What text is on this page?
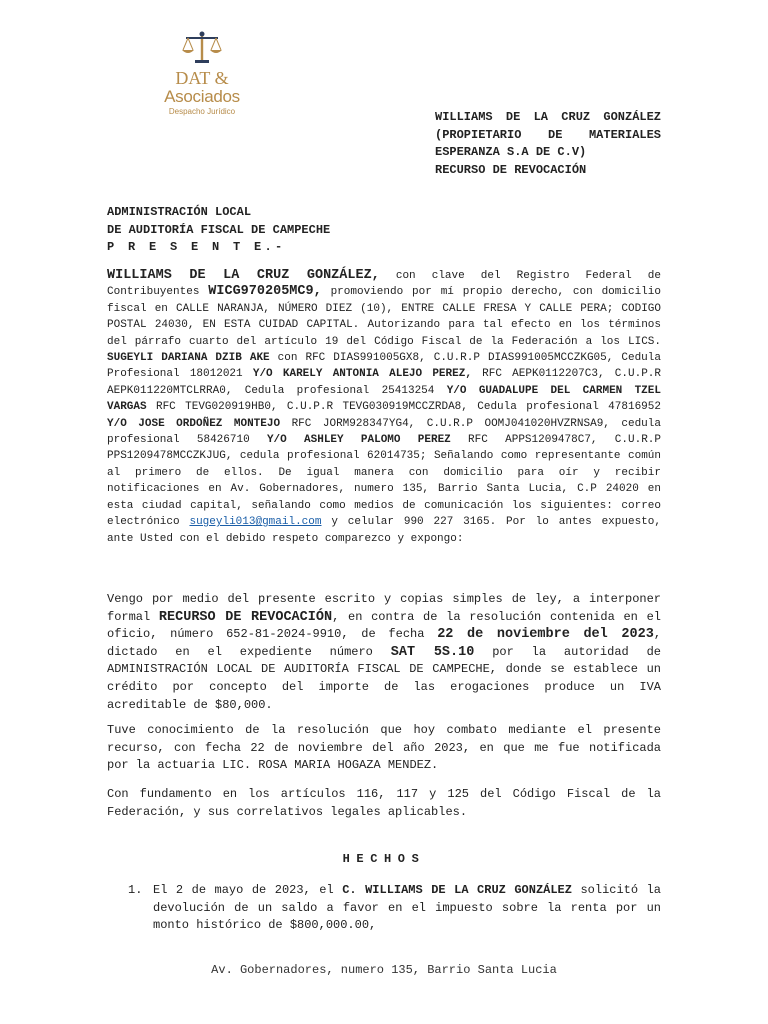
DAT &
Asociados
Despacho Jurídico	WILLIAMS DE LA CRUZ GONZÁLEZ (PROPIETARIO DE MATERIALES ESPERANZA S.A DE C.V)
RECURSO DE REVOCACIÓN
ADMINISTRACIÓN LOCAL
DE AUDITORÍA FISCAL DE CAMPECHE
P R E S E N T E.-
WILLIAMS DE LA CRUZ GONZÁLEZ, con clave del Registro Federal de Contribuyentes WICG970205MC9, promoviendo por mí propio derecho, con domicilio fiscal en CALLE NARANJA, NÚMERO DIEZ (10), ENTRE CALLE FRESA Y CALLE PERA; CODIGO POSTAL 24030, EN ESTA CUIDAD CAPITAL. Autorizando para tal efecto en los términos del párrafo cuarto del artículo 19 del Código Fiscal de la Federación a los LICS. SUGEYLI DARIANA DZIB AKE con RFC DIAS991005GX8, C.U.R.P DIAS991005MCCZKG05, Cedula Profesional 18012021 Y/O KARELY ANTONIA ALEJO PEREZ, RFC AEPK0112207C3, C.U.P.R AEPK011220MTCLRRA0, Cedula profesional 25413254 Y/O GUADALUPE DEL CARMEN TZEL VARGAS RFC TEVG020919HB0, C.U.P.R TEVG030919MCCZRDA8, Cedula profesional 47816952 Y/O JOSE ORDOÑEZ MONTEJO RFC JORM928347YG4, C.U.R.P OOMJ041020HVZRNSA9, cedula profesional 58426710 Y/O ASHLEY PALOMO PEREZ RFC APPS1209478C7, C.U.R.P PPS1209478MCCZKJUG, cedula profesional 62014735; Señalando como representante común al primero de ellos. De igual manera con domicilio para oír y recibir notificaciones en Av. Gobernadores, numero 135, Barrio Santa Lucia, C.P 24020 en esta ciudad capital, señalando como medios de comunicación los siguientes: correo electrónico sugeyli013@gmail.com y celular 990 227 3165. Por lo antes expuesto, ante Usted con el debido respeto comparezco y expongo:
Vengo por medio del presente escrito y copias simples de ley, a interponer formal RECURSO DE REVOCACIÓN, en contra de la resolución contenida en el oficio, número 652-81-2024-9910, de fecha 22 de noviembre del 2023, dictado en el expediente número SAT 5S.10 por la autoridad de ADMINISTRACIÓN LOCAL DE AUDITORÍA FISCAL DE CAMPECHE, donde se establece un crédito por concepto del importe de las erogaciones produce un IVA acreditable de $80,000.
Tuve conocimiento de la resolución que hoy combato mediante el presente recurso, con fecha 22 de noviembre del año 2023, en que me fue notificada por la actuaria LIC. ROSA MARIA HOGAZA MENDEZ.
Con fundamento en los artículos 116, 117 y 125 del Código Fiscal de la Federación, y sus correlativos legales aplicables.
HECHOS
1. El 2 de mayo de 2023, el C. WILLIAMS DE LA CRUZ GONZÁLEZ solicitó la devolución de un saldo a favor en el impuesto sobre la renta por un monto histórico de $800,000.00,
Av. Gobernadores, numero 135, Barrio Santa Lucia
